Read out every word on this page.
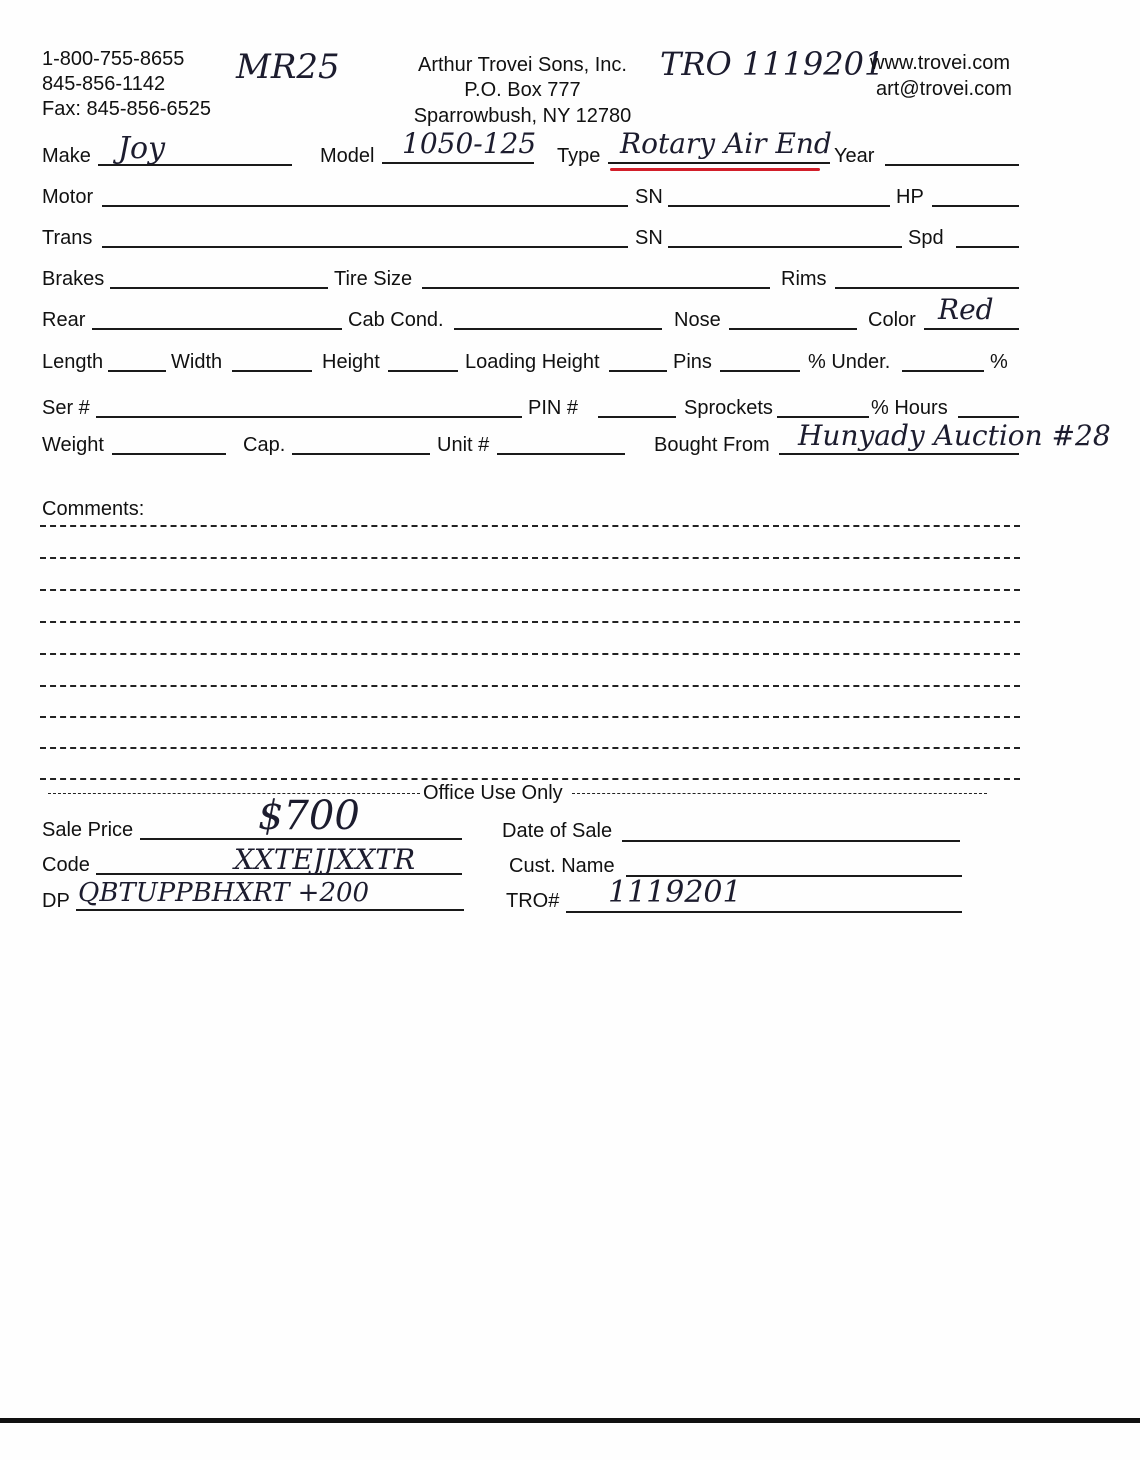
1-800-755-8655
845-856-1142
Fax: 845-856-6525
MR25	Arthur Trovei Sons, Inc.
P.O. Box 777
Sparrowbush, NY 12780
TRO 1119201
www.trovei.com
art@trovei.com
Make Joy	Model 1050-125 Type Rotary Air End Year
Motor	SN	HP
Trans	SN	Spd
Brakes	Tire Size	Rims
Rear	Cab Cond.	Nose	Color Red
Length	Width	Height	Loading Height	Pins	% Under.	%
Ser #	PIN #	Sprockets	% Hours
Weight	Cap.	Unit #	Bought From Hunyady Auction #28
Comments:
Office Use Only
Sale Price	$700	Date of Sale
Code	XXTEJJXXTR	Cust. Name
DP QBTUPPBHXRT +200	TRO# 1119201
